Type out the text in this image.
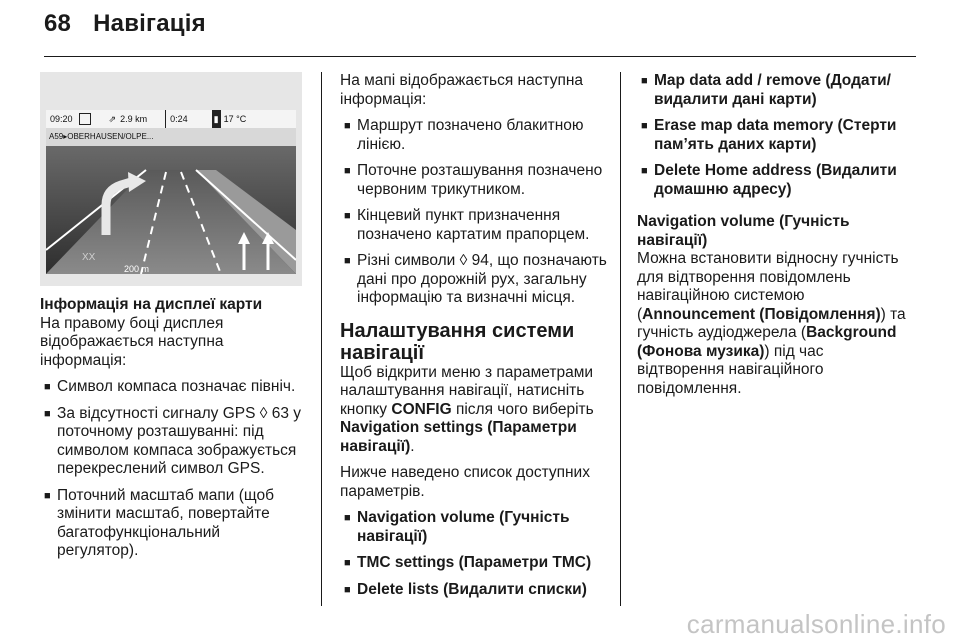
68 Навігація
XX
09:20	⇗ 2.9 km	0:24	▮ 17 °C
A59▸OBERHAUSEN/OLPE...
200 m
Інформація на дисплеї карти

На правому боці дисплея відображається наступна інформація:

■ Символ компаса позначає північ.
■ За відсутності сигналу GPS ◊ 63 у поточному розташуванні: під символом компаса зображується перекреслений символ GPS.
■ Поточний масштаб мапи (щоб змінити масштаб, повертайте багатофункціональний регулятор).

На мапі відображається наступна інформація:

■ Маршрут позначено блакитною лінією.
■ Поточне розташування позначено червоним трикутником.
■ Кінцевий пункт призначення позначено картатим прапорцем.
■ Різні символи ◊ 94, що позначають дані про дорожній рух, загальну інформацію та визначні місця.
Налаштування системи навігації

Щоб відкрити меню з параметрами налаштування навігації, натисніть кнопку CONFIG після чого виберіть Navigation settings (Параметри навігації).

Нижче наведено список доступних параметрів.

■ Navigation volume (Гучність навігації)
■ TMC settings (Параметри TMC)
■ Delete lists (Видалити списки)
■ Map data add / remove (Додати/видалити дані карти)
■ Erase map data memory (Стерти пам’ять даних карти)
■ Delete Home address (Видалити домашню адресу)
Navigation volume (Гучність навігації)

Можна встановити відносну гучність для відтворення повідомлень навігаційною системою (Announcement (Повідомлення)) та гучність аудіоджерела (Background (Фонова музика)) під час відтворення навігаційного повідомлення.

carmanualsonline.info
